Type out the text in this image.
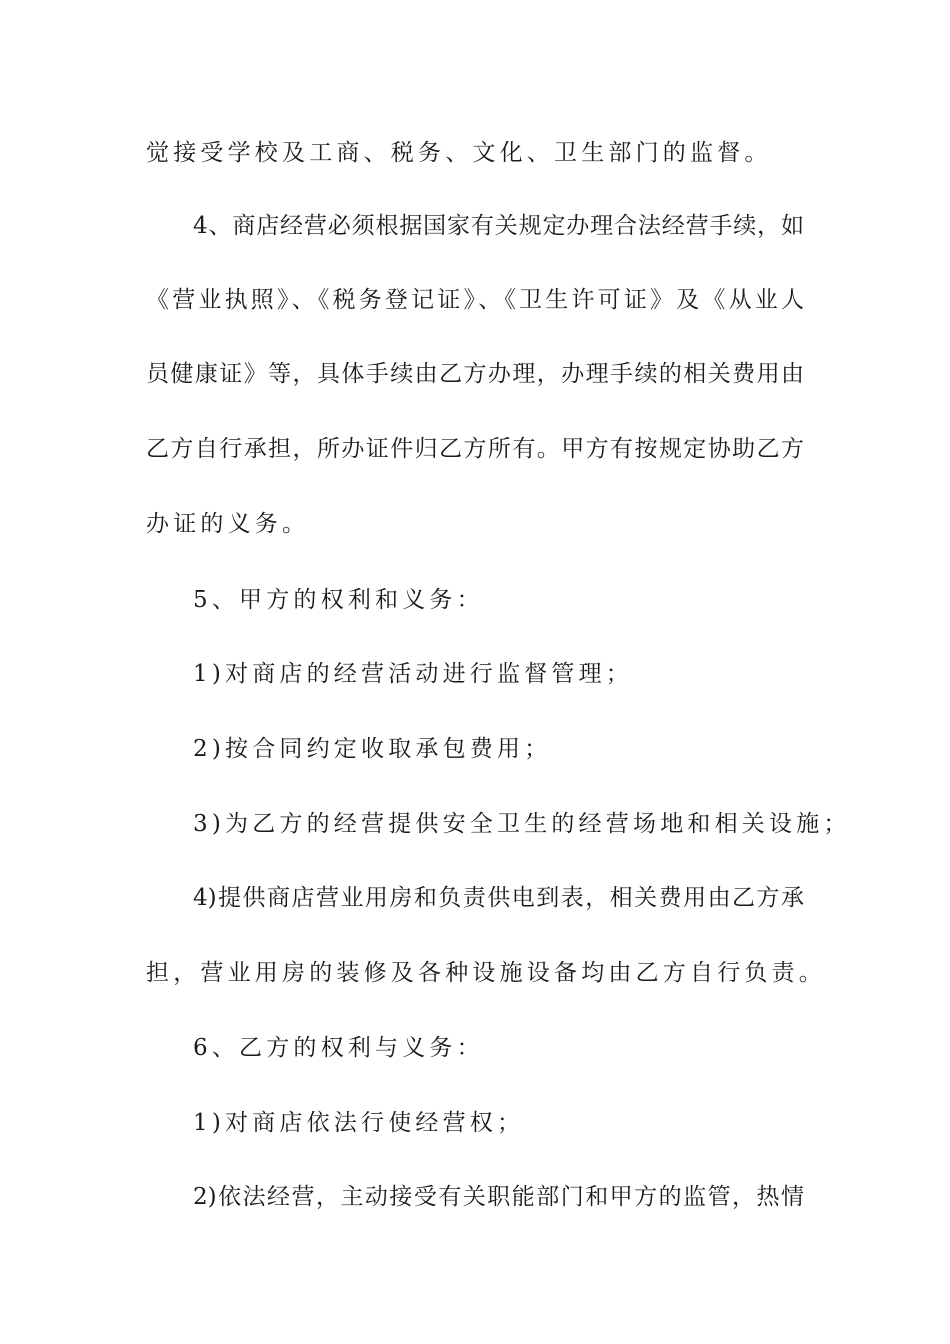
觉接受学校及工商、税务、文化、卫生部门的监督。
4、商店经营必须根据国家有关规定办理合法经营手续，如
《营业执照》、《税务登记证》、《卫生许可证》及《从业人
员健康证》等，具体手续由乙方办理，办理手续的相关费用由
乙方自行承担，所办证件归乙方所有。甲方有按规定协助乙方
办证的义务。
5、甲方的权利和义务：
1)对商店的经营活动进行监督管理；
2)按合同约定收取承包费用；
3)为乙方的经营提供安全卫生的经营场地和相关设施；
4)提供商店营业用房和负责供电到表，相关费用由乙方承
担，营业用房的装修及各种设施设备均由乙方自行负责。
6、乙方的权利与义务：
1)对商店依法行使经营权；
2)依法经营，主动接受有关职能部门和甲方的监管，热情
